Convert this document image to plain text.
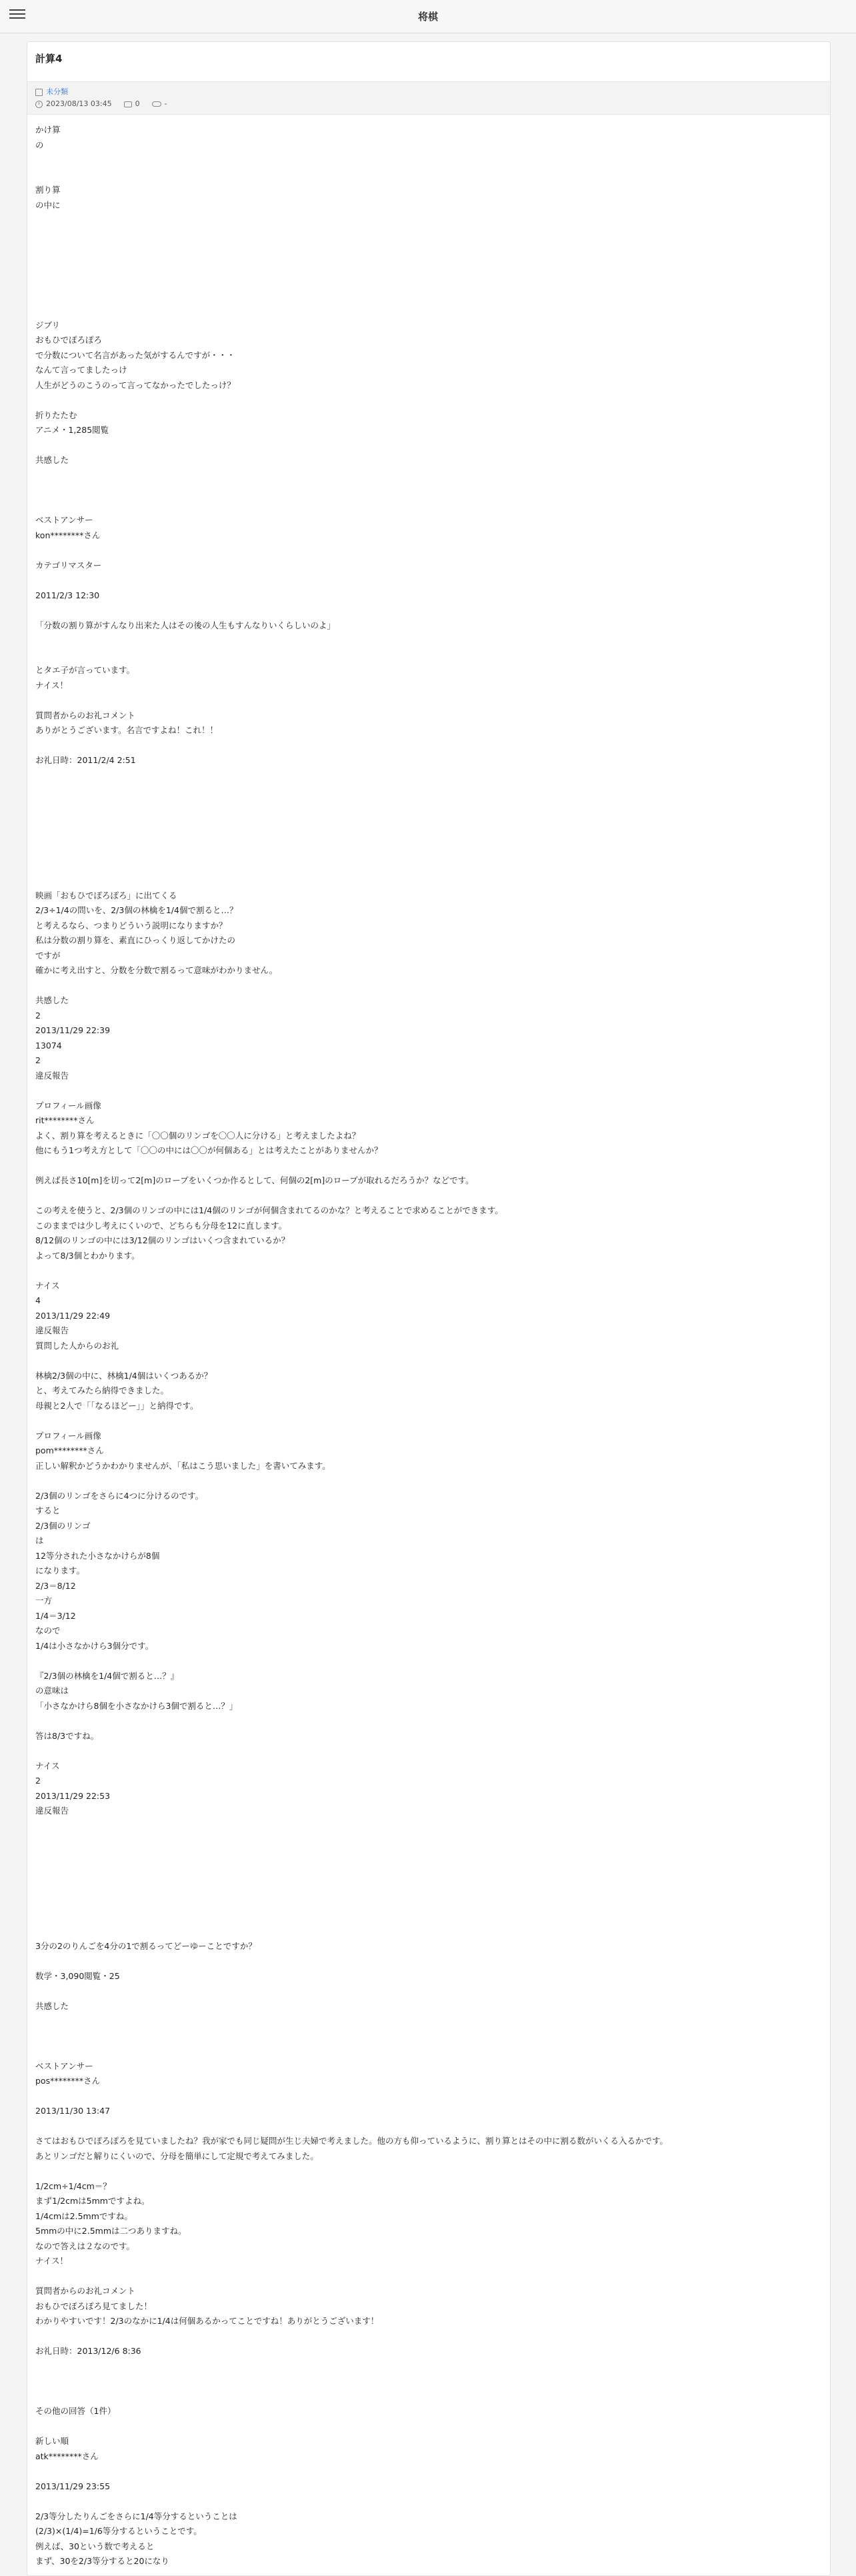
将棋
計算4
未分類
2023/08/13 03:45	0	-
かけ算
の
割り算
の中に
ジブリ
おもひでぽろぽろ
で分数について名言があった気がするんですが・・・
なんて言ってましたっけ
人生がどうのこうのって言ってなかったでしたっけ？
折りたたむ
アニメ・1,285閲覧
共感した
ベストアンサー
kon********さん
カテゴリマスター
2011/2/3 12:30
「分数の割り算がすんなり出来た人はその後の人生もすんなりいくらしいのよ」
とタエ子が言っています。
ナイス！
質問者からのお礼コメント
ありがとうございます。名言ですよね！これ！！
お礼日時：2011/2/4 2:51
映画「おもひでぽろぽろ」に出てくる
2/3÷1/4の問いを、2/3個の林檎を1/4個で割ると…？
と考えるなら、つまりどういう説明になりますか？
私は分数の割り算を、素直にひっくり返してかけたの
ですが
確かに考え出すと、分数を分数で割るって意味がわかりません。
共感した
2
2013/11/29 22:39
13074
2
違反報告
プロフィール画像
rit********さん
よく、割り算を考えるときに「〇〇個のリンゴを〇〇人に分ける」と考えましたよね？
他にもう1つ考え方として「〇〇の中には〇〇が何個ある」とは考えたことがありませんか？
例えば長さ10[m]を切って2[m]のロープをいくつか作るとして、何個の2[m]のロープが取れるだろうか？などです。
この考えを使うと、2/3個のリンゴの中には1/4個のリンゴが何個含まれてるのかな？と考えることで求めることができます。
このままでは少し考えにくいので、どちらも分母を12に直します。
8/12個のリンゴの中には3/12個のリンゴはいくつ含まれているか？
よって8/3個とわかります。
ナイス
4
2013/11/29 22:49
違反報告
質問した人からのお礼
林檎2/3個の中に、林檎1/4個はいくつあるか？
と、考えてみたら納得できました。
母親と2人で「「なるほどー」」と納得です。
プロフィール画像
pom********さん
正しい解釈かどうかわかりませんが、「私はこう思いました」を書いてみます。
2/3個のリンゴをさらに4つに分けるのです。
すると
2/3個のリンゴ
は
12等分された小さなかけらが8個
になります。
2/3＝8/12
一方
1/4＝3/12
なので
1/4は小さなかけら3個分です。
『2/3個の林檎を1/4個で割ると…？』
の意味は
「小さなかけら8個を小さなかけら3個で割ると…？」
答は8/3ですね。
ナイス
2
2013/11/29 22:53
違反報告
3分の2のりんごを4分の1で割るってどーゆーことですか？
数学・3,090閲覧・25
共感した
ベストアンサー
pos********さん
2013/11/30 13:47
さてはおもひでぽろぽろを見ていましたね？我が家でも同じ疑問が生じ夫婦で考えました。他の方も仰っているように、割り算とはその中に割る数がいくる入るかです。
あとリンゴだと解りにくいので、分母を簡単にして定規で考えてみました。
1/2cm÷1/4cm＝？
まず1/2cmは5mmですよね。
1/4cmは2.5mmですね。
5mmの中に2.5mmは二つありますね。
なので答えは２なのです。
ナイス！
質問者からのお礼コメント
おもひでぽろぽろ見てました！
わかりやすいです！2/3のなかに1/4は何個あるかってことですね！ありがとうございます！
お礼日時：2013/12/6 8:36
その他の回答（1件）
新しい順
atk********さん
2013/11/29 23:55
2/3等分したりんごをさらに1/4等分するということは
(2/3)×(1/4)=1/6等分するということです。
例えば、30という数で考えると
まず、30を2/3等分すると20になり
